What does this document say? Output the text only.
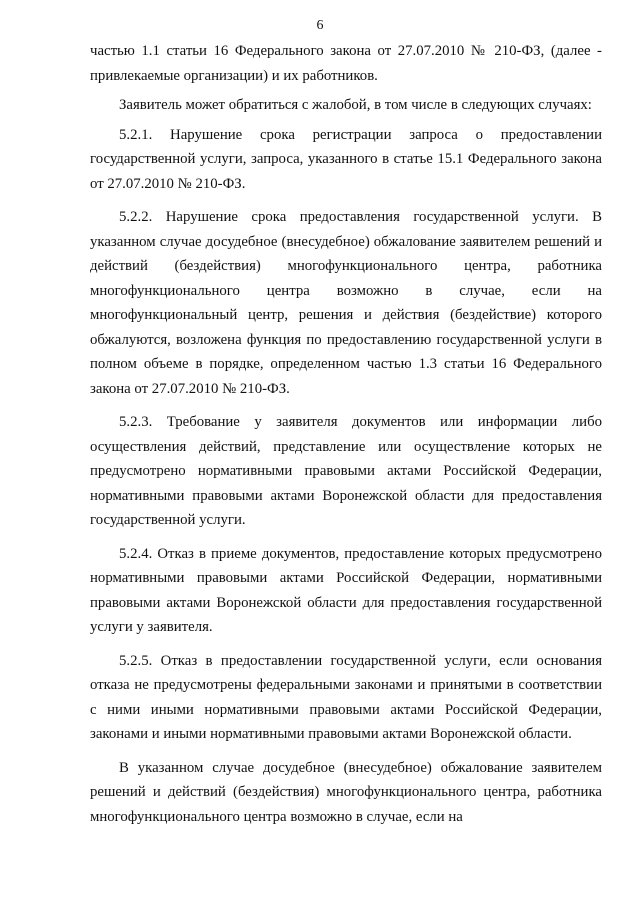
6

частью 1.1 статьи 16 Федерального закона от 27.07.2010 № 210-ФЗ, (далее - привлекаемые организации) и их работников.

Заявитель может обратиться с жалобой, в том числе в следующих случаях:

5.2.1. Нарушение срока регистрации запроса о предоставлении государственной услуги, запроса, указанного в статье 15.1 Федерального закона от 27.07.2010 № 210-ФЗ.

5.2.2. Нарушение срока предоставления государственной услуги. В указанном случае досудебное (внесудебное) обжалование заявителем решений и действий (бездействия) многофункционального центра, работника многофункционального центра возможно в случае, если на многофункциональный центр, решения и действия (бездействие) которого обжалуются, возложена функция по предоставлению государственной услуги в полном объеме в порядке, определенном частью 1.3 статьи 16 Федерального закона от 27.07.2010 № 210-ФЗ.

5.2.3. Требование у заявителя документов или информации либо осуществления действий, представление или осуществление которых не предусмотрено нормативными правовыми актами Российской Федерации, нормативными правовыми актами Воронежской области для предоставления государственной услуги.

5.2.4. Отказ в приеме документов, предоставление которых предусмотрено нормативными правовыми актами Российской Федерации, нормативными правовыми актами Воронежской области для предоставления государственной услуги у заявителя.

5.2.5. Отказ в предоставлении государственной услуги, если основания отказа не предусмотрены федеральными законами и принятыми в соответствии с ними иными нормативными правовыми актами Российской Федерации, законами и иными нормативными правовыми актами Воронежской области.

В указанном случае досудебное (внесудебное) обжалование заявителем решений и действий (бездействия) многофункционального центра, работника многофункционального центра возможно в случае, если на
